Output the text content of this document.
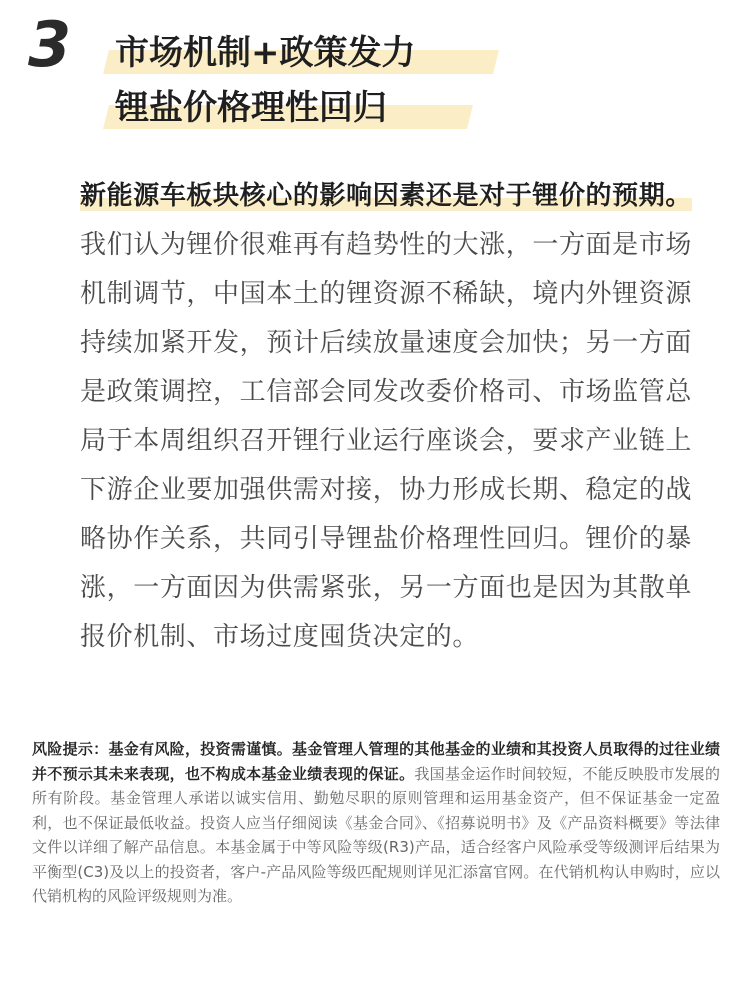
3	市场机制+政策发力
锂盐价格理性回归
新能源车板块核心的影响因素还是对于锂价的预期。我们认为锂价很难再有趋势性的大涨，一方面是市场机制调节，中国本土的锂资源不稀缺，境内外锂资源持续加紧开发，预计后续放量速度会加快；另一方面是政策调控，工信部会同发改委价格司、市场监管总局于本周组织召开锂行业运行座谈会，要求产业链上下游企业要加强供需对接，协力形成长期、稳定的战略协作关系，共同引导锂盐价格理性回归。锂价的暴涨，一方面因为供需紧张，另一方面也是因为其散单报价机制、市场过度囤货决定的。
风险提示：基金有风险，投资需谨慎。基金管理人管理的其他基金的业绩和其投资人员取得的过往业绩并不预示其未来表现，也不构成本基金业绩表现的保证。我国基金运作时间较短，不能反映股市发展的所有阶段。基金管理人承诺以诚实信用、勤勉尽职的原则管理和运用基金资产，但不保证基金一定盈利，也不保证最低收益。投资人应当仔细阅读《基金合同》、《招募说明书》及《产品资料概要》等法律文件以详细了解产品信息。本基金属于中等风险等级(R3)产品，适合经客户风险承受等级测评后结果为平衡型(C3)及以上的投资者，客户-产品风险等级匹配规则详见汇添富官网。在代销机构认申购时，应以代销机构的风险评级规则为准。
